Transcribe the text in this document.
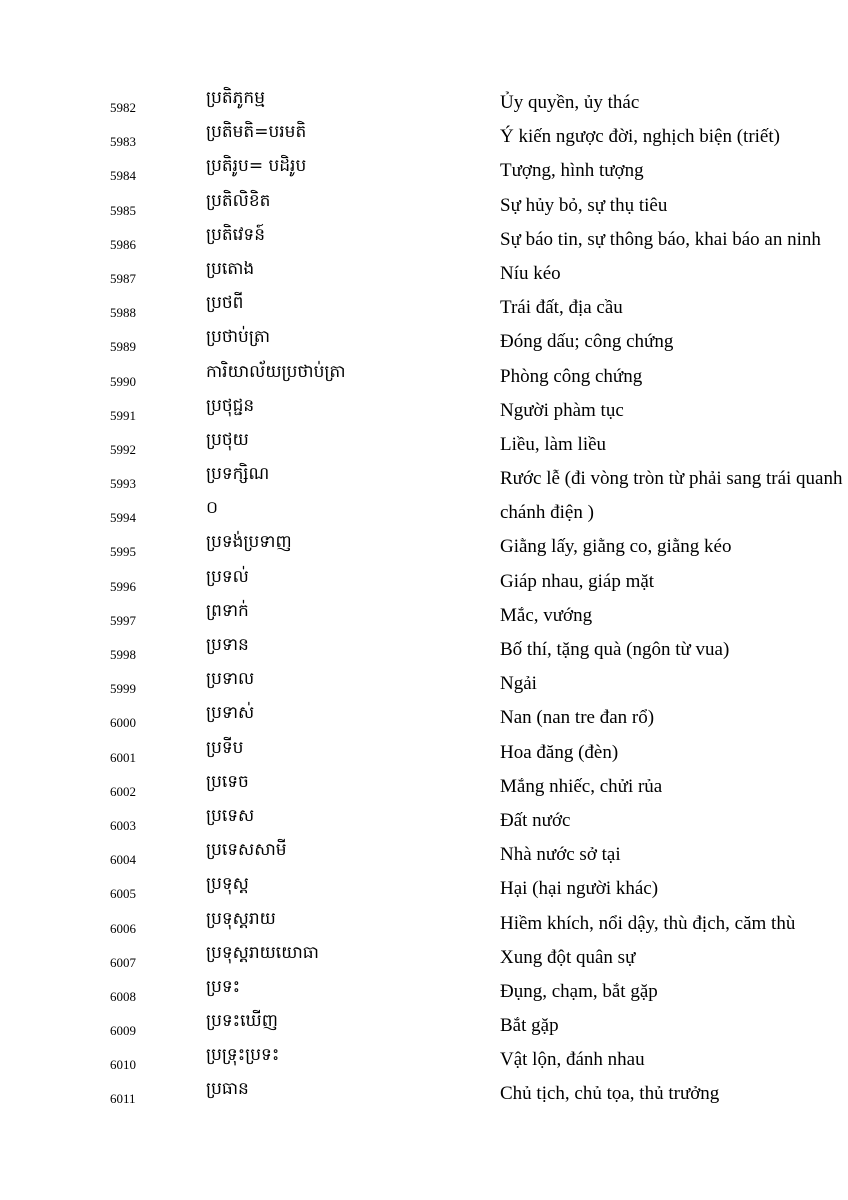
5982	ប្រតិភូកម្ម	Ủy quyền, ủy thác
5983	ប្រតិមតិ=បរមតិ	Ý kiến ngược đời, nghịch biện (triết)
5984	ប្រតិរូប= បដិរូប	Tượng, hình tượng
5985	ប្រតិលិខិត	Sự hủy bỏ, sự thụ tiêu
5986	ប្រតិវេទន៍	Sự báo tin, sự thông báo, khai báo an ninh
5987	ប្រតោង	Níu kéo
5988	ប្រថពី	Trái đất, địa cầu
5989	ប្រថាប់ត្រា	Đóng dấu; công chứng
5990	ការិយាល័យប្រថាប់ត្រា	Phòng công chứng
5991	ប្រថុជ្ជន	Người phàm tục
5992	ប្រថុយ	Liều, làm liều
5993	ប្រទក្សិណ	Rước lễ (đi vòng tròn từ phải sang trái quanh
5994	០	chánh điện )
5995	ប្រទង់ប្រទាញ	Giằng lấy, giằng co, giằng kéo
5996	ប្រទល់	Giáp nhau, giáp mặt
5997	ព្រទាក់	Mắc, vướng
5998	ប្រទាន	Bố thí, tặng quà (ngôn từ vua)
5999	ប្រទាល	Ngải
6000	ប្រទាស់	Nan (nan tre đan rổ)
6001	ប្រទីប	Hoa đăng (đèn)
6002	ប្រទេច	Mắng nhiếc, chửi rủa
6003	ប្រទេស	Đất nước
6004	ប្រទេសសាមី	Nhà nước sở tại
6005	ប្រទុស្ត	Hại (hại người khác)
6006	ប្រទុស្តរាយ	Hiềm khích, nổi dậy, thù địch, căm thù
6007	ប្រទុស្តរាយយោធា	Xung đột quân sự
6008	ប្រទះ	Đụng, chạm, bắt gặp
6009	ប្រទះឃើញ	Bắt gặp
6010	ប្រទ្រុះប្រទះ	Vật lộn, đánh nhau
6011	ប្រធាន	Chủ tịch, chủ tọa, thủ trưởng
